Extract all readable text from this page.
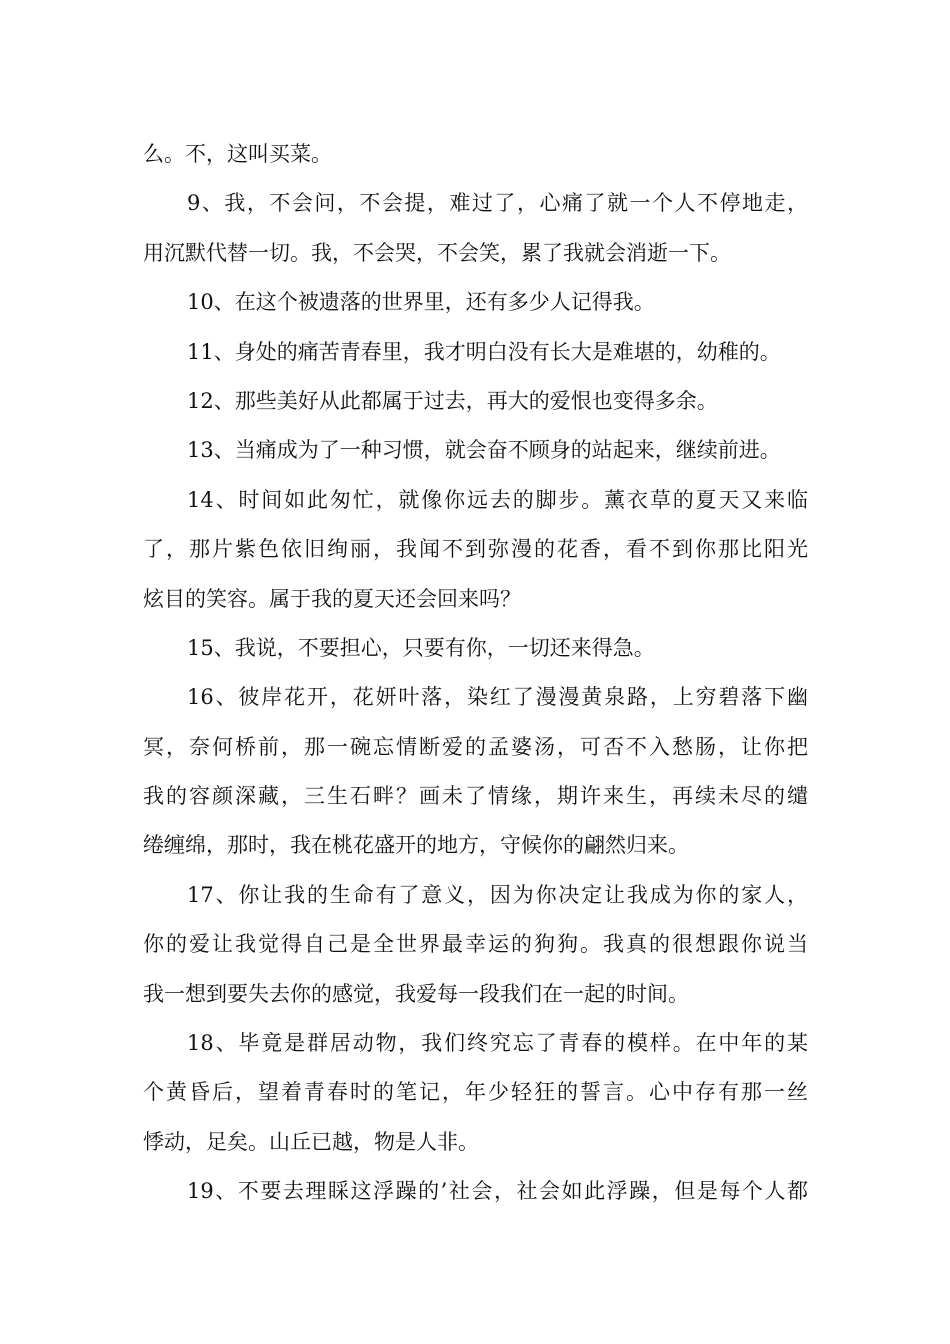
么。不，这叫买菜。
9、我，不会问，不会提，难过了，心痛了就一个人不停地走，
用沉默代替一切。我，不会哭，不会笑，累了我就会消逝一下。
10、在这个被遗落的世界里，还有多少人记得我。
11、身处的痛苦青春里，我才明白没有长大是难堪的，幼稚的。
12、那些美好从此都属于过去，再大的爱恨也变得多余。
13、当痛成为了一种习惯，就会奋不顾身的站起来，继续前进。
14、时间如此匆忙，就像你远去的脚步。薰衣草的夏天又来临
了，那片紫色依旧绚丽，我闻不到弥漫的花香，看不到你那比阳光
炫目的笑容。属于我的夏天还会回来吗？
15、我说，不要担心，只要有你，一切还来得急。
16、彼岸花开，花妍叶落，染红了漫漫黄泉路，上穷碧落下幽
冥，奈何桥前，那一碗忘情断爱的孟婆汤，可否不入愁肠，让你把
我的容颜深藏，三生石畔？画未了情缘，期许来生，再续未尽的缱
绻缠绵，那时，我在桃花盛开的地方，守候你的翩然归来。
17、你让我的生命有了意义，因为你决定让我成为你的家人，
你的爱让我觉得自己是全世界最幸运的狗狗。我真的很想跟你说当
我一想到要失去你的感觉，我爱每一段我们在一起的时间。
18、毕竟是群居动物，我们终究忘了青春的模样。在中年的某
个黄昏后，望着青春时的笔记，年少轻狂的誓言。心中存有那一丝
悸动，足矣。山丘已越，物是人非。
19、不要去理睬这浮躁的’社会，社会如此浮躁，但是每个人都
